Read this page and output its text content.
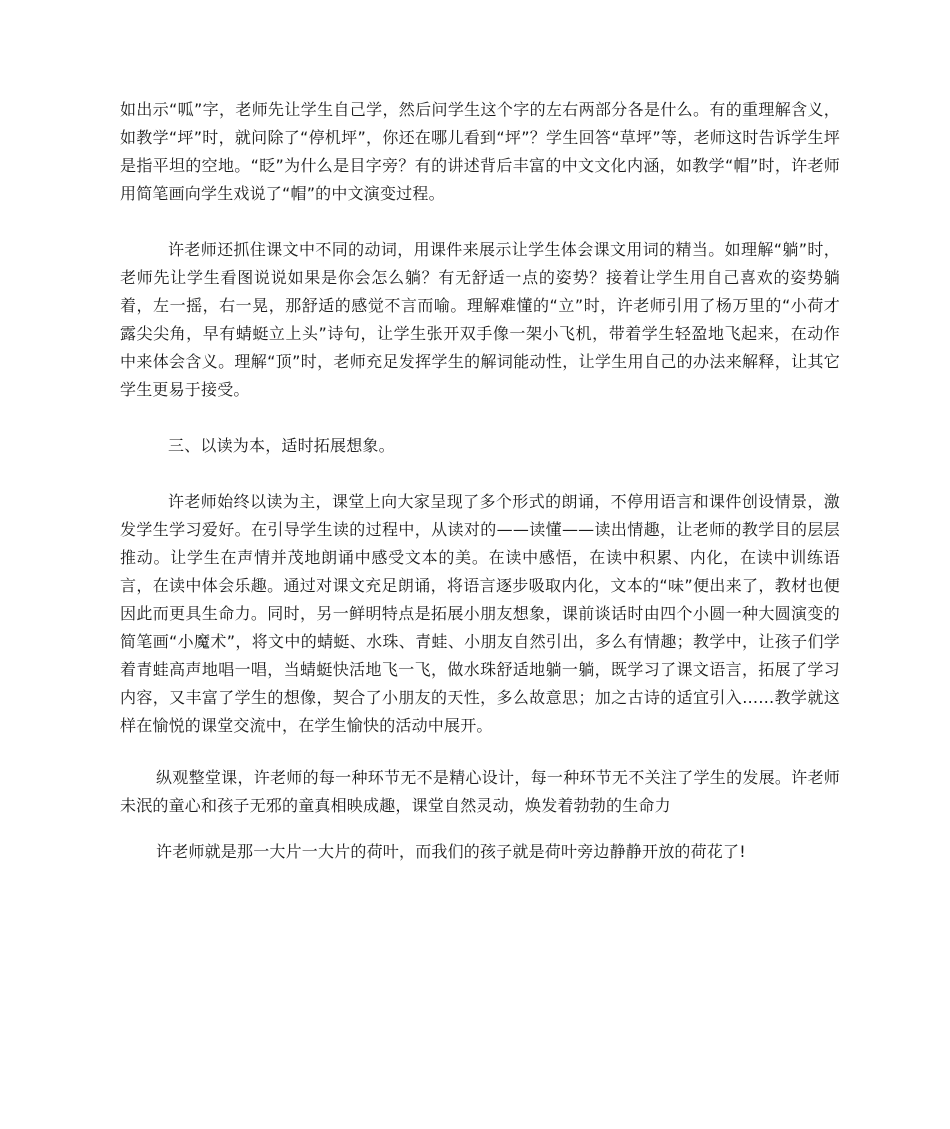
如出示“呱”字，老师先让学生自己学，然后问学生这个字的左右两部分各是什么。有的重理解含义，如教学“坪”时，就问除了“停机坪”，你还在哪儿看到“坪”？学生回答“草坪”等，老师这时告诉学生坪是指平坦的空地。“眨”为什么是目字旁？有的讲述背后丰富的中文文化内涵，如教学“帽”时，许老师用简笔画向学生戏说了“帽”的中文演变过程。

许老师还抓住课文中不同的动词，用课件来展示让学生体会课文用词的精当。如理解“躺”时，老师先让学生看图说说如果是你会怎么躺？有无舒适一点的姿势？接着让学生用自己喜欢的姿势躺着，左一摇，右一晃，那舒适的感觉不言而喻。理解难懂的“立”时，许老师引用了杨万里的“小荷才露尖尖角，早有蜻蜓立上头”诗句，让学生张开双手像一架小飞机，带着学生轻盈地飞起来，在动作中来体会含义。理解“顶”时，老师充足发挥学生的解词能动性，让学生用自己的办法来解释，让其它学生更易于接受。

三、以读为本，适时拓展想象。

许老师始终以读为主，课堂上向大家呈现了多个形式的朗诵，不停用语言和课件创设情景，激发学生学习爱好。在引导学生读的过程中，从读对的——读懂——读出情趣，让老师的教学目的层层推动。让学生在声情并茂地朗诵中感受文本的美。在读中感悟，在读中积累、内化，在读中训练语言，在读中体会乐趣。通过对课文充足朗诵，将语言逐步吸取内化，文本的“味”便出来了，教材也便因此而更具生命力。同时，另一鲜明特点是拓展小朋友想象，课前谈话时由四个小圆一种大圆演变的简笔画“小魔术”，将文中的蜻蜓、水珠、青蛙、小朋友自然引出，多么有情趣；教学中，让孩子们学着青蛙高声地唱一唱，当蜻蜓快活地飞一飞，做水珠舒适地躺一躺，既学习了课文语言，拓展了学习内容，又丰富了学生的想像，契合了小朋友的天性，多么故意思；加之古诗的适宜引入……教学就这样在愉悦的课堂交流中，在学生愉快的活动中展开。

纵观整堂课，许老师的每一种环节无不是精心设计，每一种环节无不关注了学生的发展。许老师未泯的童心和孩子无邪的童真相映成趣，课堂自然灵动，焕发着勃勃的生命力

许老师就是那一大片一大片的荷叶，而我们的孩子就是荷叶旁边静静开放的荷花了!
